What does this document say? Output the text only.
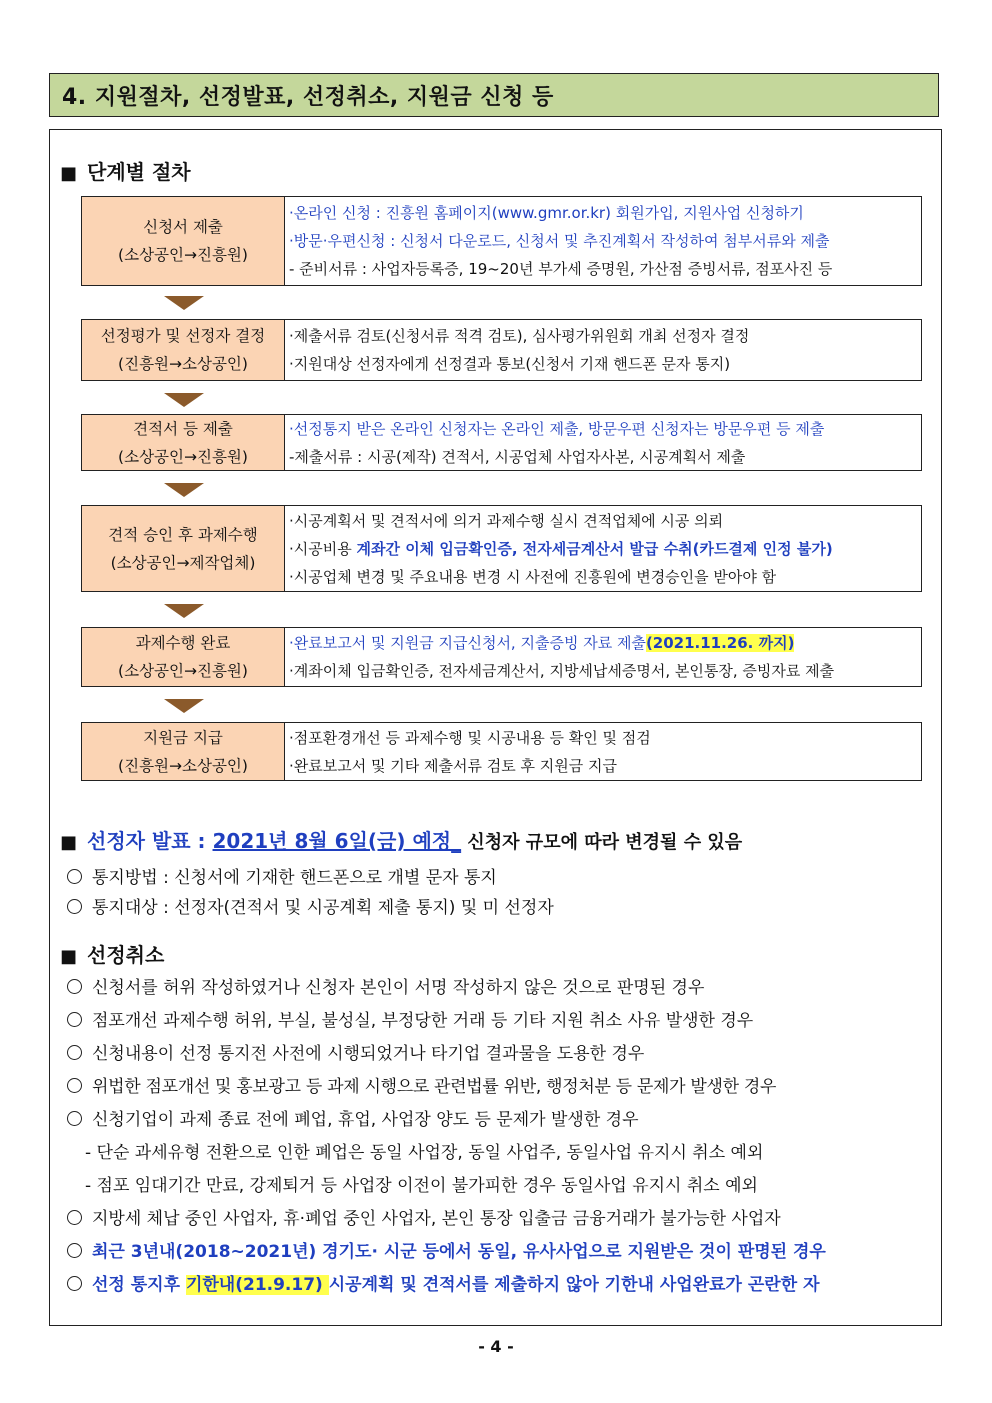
4. 지원절차, 선정발표, 선정취소, 지원금 신청 등
■ 단계별 절차
신청서 제출
(소상공인→진흥원)
·온라인 신청 : 진흥원 홈페이지(www.gmr.or.kr) 회원가입, 지원사업 신청하기
·방문·우편신청 : 신청서 다운로드, 신청서 및 추진계획서 작성하여 첨부서류와 제출
- 준비서류 : 사업자등록증, 19~20년 부가세 증명원, 가산점 증빙서류, 점포사진 등
선정평가 및 선정자 결정
(진흥원→소상공인)
·제출서류 검토(신청서류 적격 검토), 심사평가위원회 개최 선정자 결정
·지원대상 선정자에게 선정결과 통보(신청서 기재 핸드폰 문자 통지)
견적서 등 제출
(소상공인→진흥원)
·선정통지 받은 온라인 신청자는 온라인 제출, 방문우편 신청자는 방문우편 등 제출
-제출서류 : 시공(제작) 견적서, 시공업체 사업자사본, 시공계획서 제출
견적 승인 후 과제수행
(소상공인→제작업체)
·시공계획서 및 견적서에 의거 과제수행 실시 견적업체에 시공 의뢰
·시공비용 계좌간 이체 입금확인증, 전자세금계산서 발급 수취(카드결제 인정 불가)
·시공업체 변경 및 주요내용 변경 시 사전에 진흥원에 변경승인을 받아야 함
과제수행 완료
(소상공인→진흥원)
·완료보고서 및 지원금 지급신청서, 지출증빙 자료 제출(2021.11.26. 까지)
·계좌이체 입금확인증, 전자세금계산서, 지방세납세증명서, 본인통장, 증빙자료 제출
지원금 지급
(진흥원→소상공인)
·점포환경개선 등 과제수행 및 시공내용 등 확인 및 점검
·완료보고서 및 기타 제출서류 검토 후 지원금 지급
■ 선정자 발표 : 2021년 8월 6일(금) 예정_ 신청자 규모에 따라 변경될 수 있음
통지방법 : 신청서에 기재한 핸드폰으로 개별 문자 통지
통지대상 : 선정자(견적서 및 시공계획 제출 통지) 및 미 선정자
■ 선정취소
신청서를 허위 작성하였거나 신청자 본인이 서명 작성하지 않은 것으로 판명된 경우
점포개선 과제수행 허위, 부실, 불성실, 부정당한 거래 등 기타 지원 취소 사유 발생한 경우
신청내용이 선정 통지전 사전에 시행되었거나 타기업 결과물을 도용한 경우
위법한 점포개선 및 홍보광고 등 과제 시행으로 관련법률 위반, 행정처분 등 문제가 발생한 경우
신청기업이 과제 종료 전에 폐업, 휴업, 사업장 양도 등 문제가 발생한 경우
- 단순 과세유형 전환으로 인한 폐업은 동일 사업장, 동일 사업주, 동일사업 유지시 취소 예외
- 점포 임대기간 만료, 강제퇴거 등 사업장 이전이 불가피한 경우 동일사업 유지시 취소 예외
지방세 체납 중인 사업자, 휴·폐업 중인 사업자, 본인 통장 입출금 금융거래가 불가능한 사업자
최근 3년내(2018~2021년) 경기도· 시군 등에서 동일, 유사사업으로 지원받은 것이 판명된 경우
선정 통지후 기한내(21.9.17) 시공계획 및 견적서를 제출하지 않아 기한내 사업완료가 곤란한 자
- 4 -
